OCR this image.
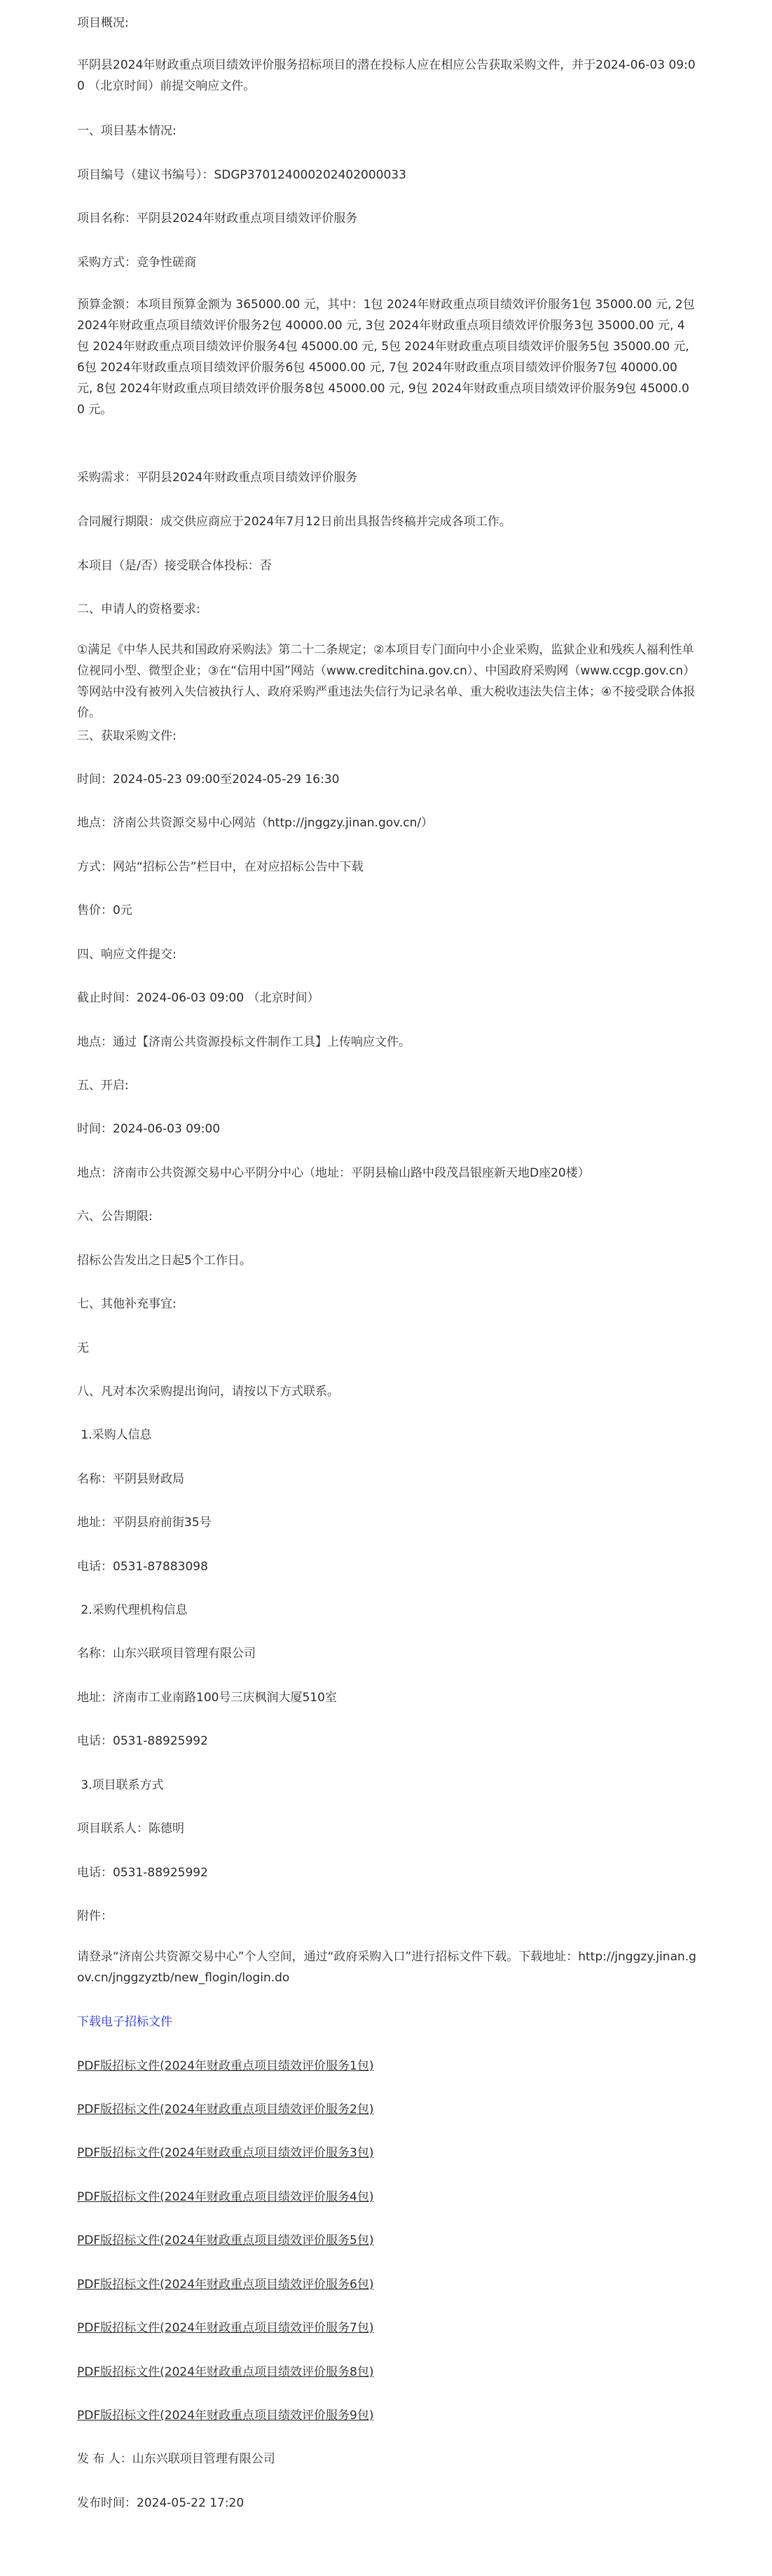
项目概况:
平阴县2024年财政重点项目绩效评价服务招标项目的潜在投标人应在相应公告获取采购文件，并于2024-06-03 09:00 （北京时间）前提交响应文件。
一、项目基本情况:
项目编号（建议书编号）：SDGP370124000202402000033
项目名称：平阴县2024年财政重点项目绩效评价服务
采购方式：竞争性磋商
预算金额：本项目预算金额为 365000.00 元，其中：1包 2024年财政重点项目绩效评价服务1包 35000.00 元, 2包 2024年财政重点项目绩效评价服务2包 40000.00 元, 3包 2024年财政重点项目绩效评价服务3包 35000.00 元, 4包 2024年财政重点项目绩效评价服务4包 45000.00 元, 5包 2024年财政重点项目绩效评价服务5包 35000.00 元, 6包 2024年财政重点项目绩效评价服务6包 45000.00 元, 7包 2024年财政重点项目绩效评价服务7包 40000.00 元, 8包 2024年财政重点项目绩效评价服务8包 45000.00 元, 9包 2024年财政重点项目绩效评价服务9包 45000.00 元。
采购需求：平阴县2024年财政重点项目绩效评价服务
合同履行期限：成交供应商应于2024年7月12日前出具报告终稿并完成各项工作。
本项目（是/否）接受联合体投标：否
二、申请人的资格要求:
①满足《中华人民共和国政府采购法》第二十二条规定；②本项目专门面向中小企业采购，监狱企业和残疾人福利性单位视同小型、微型企业；③在“信用中国”网站（www.creditchina.gov.cn）、中国政府采购网（www.ccgp.gov.cn）等网站中没有被列入失信被执行人、政府采购严重违法失信行为记录名单、重大税收违法失信主体；④不接受联合体报价。
三、获取采购文件:
时间：2024-05-23 09:00至2024-05-29 16:30
地点：济南公共资源交易中心网站（http://jnggzy.jinan.gov.cn/）
方式：网站“招标公告”栏目中，在对应招标公告中下载
售价：0元
四、响应文件提交:
截止时间：2024-06-03 09:00 （北京时间）
地点：通过【济南公共资源投标文件制作工具】上传响应文件。
五、开启:
时间：2024-06-03 09:00
地点：济南市公共资源交易中心平阴分中心（地址：平阴县榆山路中段茂昌银座新天地D座20楼）
六、公告期限:
招标公告发出之日起5个工作日。
七、其他补充事宜:
无
八、凡对本次采购提出询问，请按以下方式联系。
1.采购人信息
名称：平阴县财政局
地址：平阴县府前街35号
电话：0531-87883098
2.采购代理机构信息
名称：山东兴联项目管理有限公司
地址：济南市工业南路100号三庆枫润大厦510室
电话：0531-88925992
3.项目联系方式
项目联系人：陈德明
电话：0531-88925992
附件：
请登录“济南公共资源交易中心”个人空间，通过“政府采购入口”进行招标文件下载。下载地址：http://jnggzy.jinan.gov.cn/jnggzyztb/new_flogin/login.do
下载电子招标文件
PDF版招标文件(2024年财政重点项目绩效评价服务1包)
PDF版招标文件(2024年财政重点项目绩效评价服务2包)
PDF版招标文件(2024年财政重点项目绩效评价服务3包)
PDF版招标文件(2024年财政重点项目绩效评价服务4包)
PDF版招标文件(2024年财政重点项目绩效评价服务5包)
PDF版招标文件(2024年财政重点项目绩效评价服务6包)
PDF版招标文件(2024年财政重点项目绩效评价服务7包)
PDF版招标文件(2024年财政重点项目绩效评价服务8包)
PDF版招标文件(2024年财政重点项目绩效评价服务9包)
发 布 人：山东兴联项目管理有限公司
发布时间：2024-05-22 17:20
